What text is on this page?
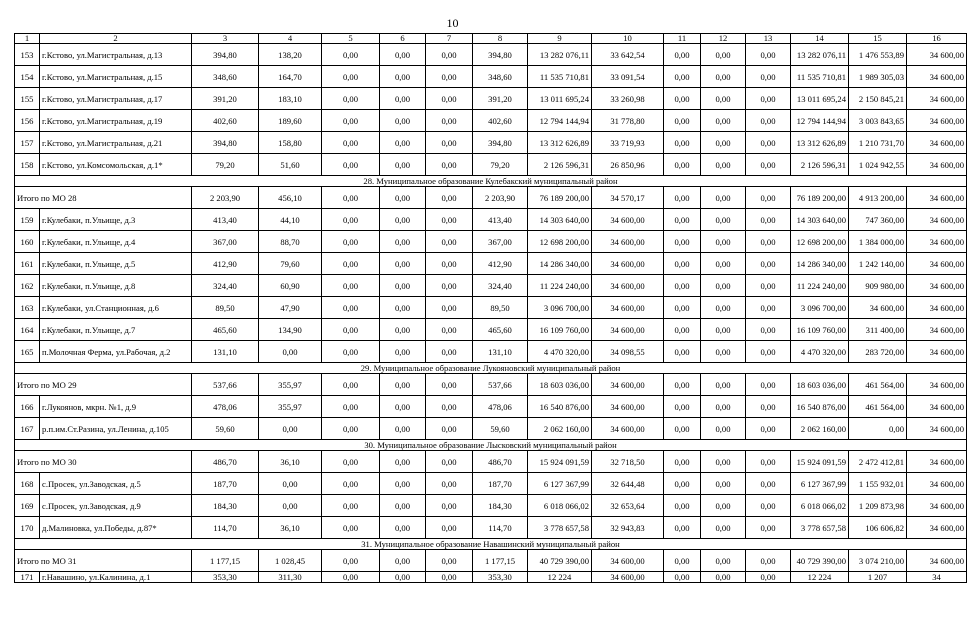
10
1	2	3	4	5	6	7	8	9	10	11	12	13	14	15	16
153	г.Кстово, ул.Магистральная, д.13	394,80	138,20	0,00	0,00	0,00	394,80	13 282 076,11	33 642,54	0,00	0,00	0,00	13 282 076,11	1 476 553,89	34 600,00
154	г.Кстово, ул.Магистральная, д.15	348,60	164,70	0,00	0,00	0,00	348,60	11 535 710,81	33 091,54	0,00	0,00	0,00	11 535 710,81	1 989 305,03	34 600,00
155	г.Кстово, ул.Магистральная, д.17	391,20	183,10	0,00	0,00	0,00	391,20	13 011 695,24	33 260,98	0,00	0,00	0,00	13 011 695,24	2 150 845,21	34 600,00
156	г.Кстово, ул.Магистральная, д.19	402,60	189,60	0,00	0,00	0,00	402,60	12 794 144,94	31 778,80	0,00	0,00	0,00	12 794 144,94	3 003 843,65	34 600,00
157	г.Кстово, ул.Магистральная, д.21	394,80	158,80	0,00	0,00	0,00	394,80	13 312 626,89	33 719,93	0,00	0,00	0,00	13 312 626,89	1 210 731,70	34 600,00
158	г.Кстово, ул.Комсомольская, д.1*	79,20	51,60	0,00	0,00	0,00	79,20	2 126 596,31	26 850,96	0,00	0,00	0,00	2 126 596,31	1 024 942,55	34 600,00
28. Муниципальное образование Кулебакский муниципальный район															
Итого по МО 28		2 203,90	456,10	0,00	0,00	0,00	2 203,90	76 189 200,00	34 570,17	0,00	0,00	0,00	76 189 200,00	4 913 200,00	34 600,00
159	г.Кулебаки, п.Ульище, д.3	413,40	44,10	0,00	0,00	0,00	413,40	14 303 640,00	34 600,00	0,00	0,00	0,00	14 303 640,00	747 360,00	34 600,00
160	г.Кулебаки, п.Ульище, д.4	367,00	88,70	0,00	0,00	0,00	367,00	12 698 200,00	34 600,00	0,00	0,00	0,00	12 698 200,00	1 384 000,00	34 600,00
161	г.Кулебаки, п.Ульище, д.5	412,90	79,60	0,00	0,00	0,00	412,90	14 286 340,00	34 600,00	0,00	0,00	0,00	14 286 340,00	1 242 140,00	34 600,00
162	г.Кулебаки, п.Ульище, д.8	324,40	60,90	0,00	0,00	0,00	324,40	11 224 240,00	34 600,00	0,00	0,00	0,00	11 224 240,00	909 980,00	34 600,00
163	г.Кулебаки, ул.Станционная, д.6	89,50	47,90	0,00	0,00	0,00	89,50	3 096 700,00	34 600,00	0,00	0,00	0,00	3 096 700,00	34 600,00	34 600,00
164	г.Кулебаки, п.Ульище, д.7	465,60	134,90	0,00	0,00	0,00	465,60	16 109 760,00	34 600,00	0,00	0,00	0,00	16 109 760,00	311 400,00	34 600,00
165	п.Молочная Ферма, ул.Рабочая, д.2	131,10	0,00	0,00	0,00	0,00	131,10	4 470 320,00	34 098,55	0,00	0,00	0,00	4 470 320,00	283 720,00	34 600,00
29. Муниципальное образование Лукояновский муниципальный район															
Итого по МО 29		537,66	355,97	0,00	0,00	0,00	537,66	18 603 036,00	34 600,00	0,00	0,00	0,00	18 603 036,00	461 564,00	34 600,00
166	г.Лукоянов, мкрн. №1, д.9	478,06	355,97	0,00	0,00	0,00	478,06	16 540 876,00	34 600,00	0,00	0,00	0,00	16 540 876,00	461 564,00	34 600,00
167	р.п.им.Ст.Разина, ул.Ленина, д.105	59,60	0,00	0,00	0,00	0,00	59,60	2 062 160,00	34 600,00	0,00	0,00	0,00	2 062 160,00	0,00	34 600,00
30. Муниципальное образование Лысковский муниципальный район															
Итого по МО 30		486,70	36,10	0,00	0,00	0,00	486,70	15 924 091,59	32 718,50	0,00	0,00	0,00	15 924 091,59	2 472 412,81	34 600,00
168	с.Просек, ул.Заводская, д.5	187,70	0,00	0,00	0,00	0,00	187,70	6 127 367,99	32 644,48	0,00	0,00	0,00	6 127 367,99	1 155 932,01	34 600,00
169	с.Просек, ул.Заводская, д.9	184,30	0,00	0,00	0,00	0,00	184,30	6 018 066,02	32 653,64	0,00	0,00	0,00	6 018 066,02	1 209 873,98	34 600,00
170	д.Малиновка, ул.Победы, д.87*	114,70	36,10	0,00	0,00	0,00	114,70	3 778 657,58	32 943,83	0,00	0,00	0,00	3 778 657,58	106 606,82	34 600,00
31. Муниципальное образование Навашинский муниципальный район															
Итого по МО 31		1 177,15	1 028,45	0,00	0,00	0,00	1 177,15	40 729 390,00	34 600,00	0,00	0,00	0,00	40 729 390,00	3 074 210,00	34 600,00
171	г.Навашино, ул.Калинина, д.1	353,30	311,30	0,00	0,00	0,00	353,30	12 224	34 600,00	0,00	0,00	0,00	12 224	1 207	34
